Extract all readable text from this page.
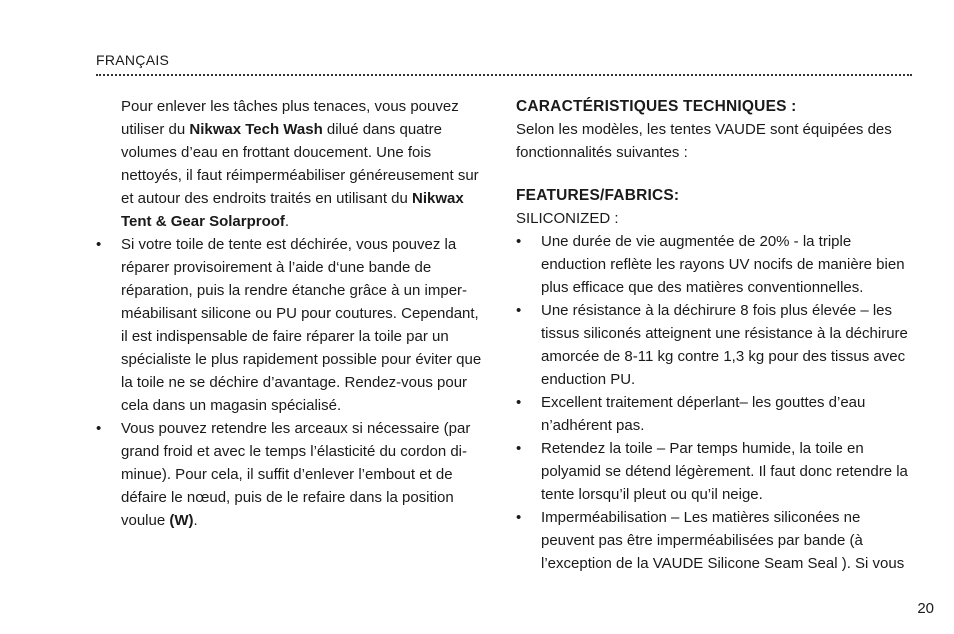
FRANÇAIS

Pour enlever les tâches plus tenaces, vous pouvez utiliser du Nikwax Tech Wash dilué dans quatre volumes d’eau en frottant doucement. Une fois nettoyés, il faut réimperméabiliser généreusement sur et autour des endroits traités en utilisant du Nikwax Tent & Gear Solarproof.

•	Si votre toile de tente est déchirée, vous pouvez la réparer provisoirement à l’aide d‘une bande de réparation, puis la rendre étanche grâce à un imperméabilisant silicone ou PU pour coutures. Cependant, il est indispensable de faire réparer la toile par un spécialiste le plus rapidement possible pour éviter que la toile ne se déchire d’avantage. Rendez-vous pour cela dans un magasin spécialisé.

•	Vous pouvez retendre les arceaux si nécessaire (par grand froid et avec le temps l’élasticité du cordon diminue). Pour cela, il suffit d’enlever l’embout et de défaire le nœud, puis de le refaire dans la position voulue (W).

CARACTÉRISTIQUES TECHNIQUES :

Selon les modèles, les tentes VAUDE sont équipées des fonctionnalités suivantes :

FEATURES/FABRICS:

SILICONIZED :

•	Une durée de vie augmentée de 20% - la triple enduction reflète les rayons UV nocifs de manière bien plus efficace que des matières conventionnelles.

•	Une résistance à la déchirure 8 fois plus élevée – les tissus siliconés atteignent une résistance à la déchirure amorcée de 8-11 kg contre 1,3 kg pour des tissus avec enduction PU.

•	Excellent traitement déperlant– les gouttes d’eau n’adhérent pas.

•	Retendez la toile – Par temps humide, la toile en polyamid se détend légèrement. Il faut donc retendre la tente lorsqu’il pleut ou qu’il neige.

•	Imperméabilisation – Les matières siliconées ne peuvent pas être imperméabilisées par bande (à l’exception de la VAUDE Silicone Seam Seal ). Si vous

20
